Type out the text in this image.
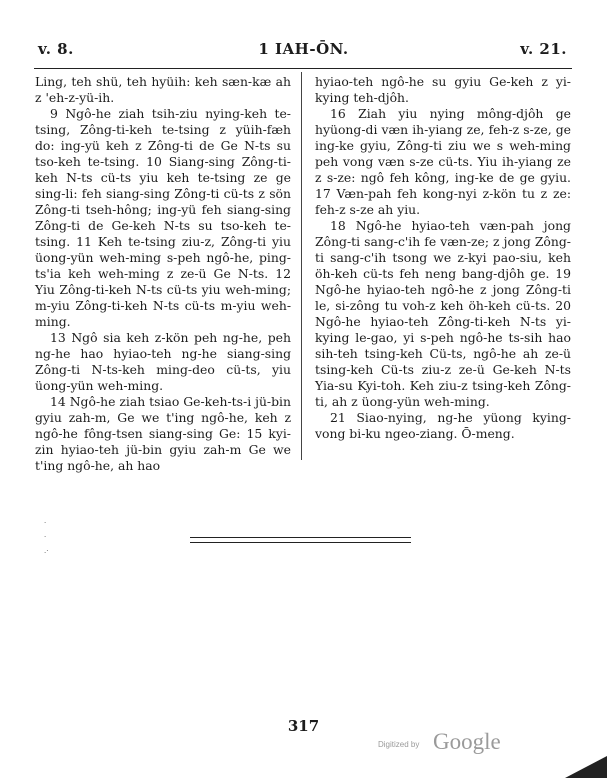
v. 8.	1 IAH-ŌN.	v. 21.

Ling, teh shü, teh hyüih: keh sæn-kæ ah z 'eh-z-yü-ih.

9 Ngô-he ziah tsih-ziu nying-keh te-tsing, Zông-ti-keh te-tsing z yüih-fæh do: ing-yü keh z Zông-ti de Ge N-ts su tso-keh te-tsing. 10 Siang-sing Zông-ti-keh N-ts cü-ts yiu keh te-tsing ze ge sing-li: feh siang-sing Zông-ti cü-ts z sön Zông-ti tseh-hông; ing-yü feh siang-sing Zông-ti de Ge-keh N-ts su tso-keh te-tsing. 11 Keh te-tsing ziu-z, Zông-ti yiu üong-yün weh-ming s-peh ngô-he, ping-ts'ia keh weh-ming z ze-ü Ge N-ts. 12 Yiu Zông-ti-keh N-ts cü-ts yiu weh-ming; m-yiu Zông-ti-keh N-ts cü-ts m-yiu weh-ming.

13 Ngô sia keh z-kön peh ng-he, peh ng-he hao hyiao-teh ng-he siang-sing Zông-ti N-ts-keh ming-deo cü-ts, yiu üong-yün weh-ming.

14 Ngô-he ziah tsiao Ge-keh-ts-i jü-bin gyiu zah-m, Ge we t'ing ngô-he, keh z ngô-he fông-tsen siang-sing Ge: 15 kyi-zin hyiao-teh jü-bin gyiu zah-m Ge we t'ing ngô-he, ah hao

hyiao-teh ngô-he su gyiu Ge-keh z yi-kying teh-djôh.

16 Ziah yiu nying mông-djôh ge hyüong-di væn ih-yiang ze, feh-z s-ze, ge ing-ke gyiu, Zông-ti ziu we s weh-ming peh vong væn s-ze cü-ts. Yiu ih-yiang ze z s-ze: ngô feh kông, ing-ke de ge gyiu. 17 Væn-pah feh kong-nyi z-kön tu z ze: feh-z s-ze ah yiu.

18 Ngô-he hyiao-teh væn-pah jong Zông-ti sang-c'ih fe væn-ze; z jong Zông-ti sang-c'ih tsong we z-kyi pao-siu, keh öh-keh cü-ts feh neng bang-djôh ge. 19 Ngô-he hyiao-teh ngô-he z jong Zông-ti le, si-zông tu voh-z keh öh-keh cü-ts. 20 Ngô-he hyiao-teh Zông-ti-keh N-ts yi-kying le-gao, yi s-peh ngô-he ts-sih hao sih-teh tsing-keh Cü-ts, ngô-he ah ze-ü tsing-keh Cü-ts ziu-z ze-ü Ge-keh N-ts Yia-su Kyi-toh. Keh ziu-z tsing-keh Zông-ti, ah z üong-yün weh-ming.

21 Siao-nying, ng-he yüong kying-vong bi-ku ngeo-ziang. Ō-meng.

·
·
.·
317
Digitized by Google
